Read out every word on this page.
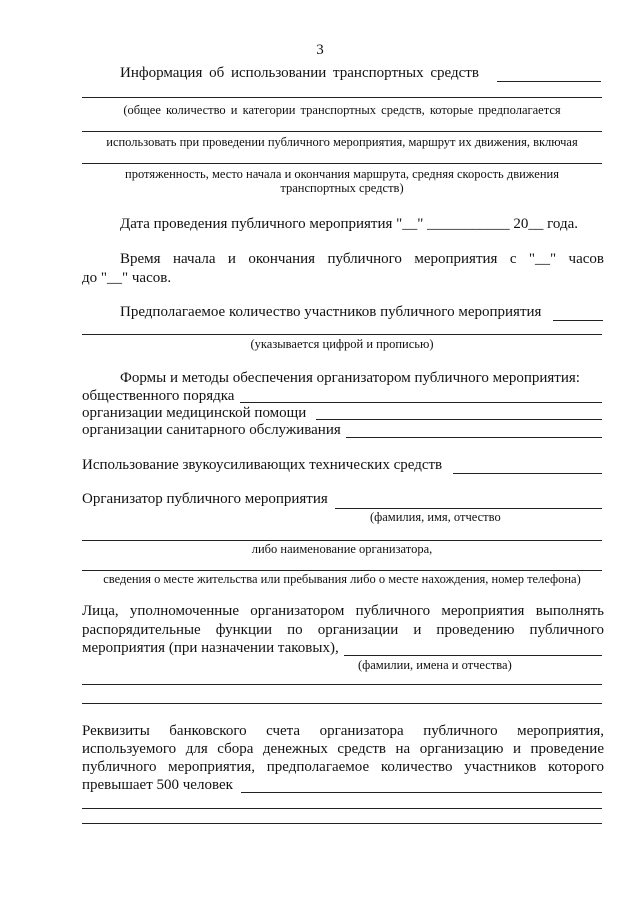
3
Информация об использовании транспортных средств
(общее количество и категории транспортных средств, которые предполагается
использовать при проведении публичного мероприятия, маршрут их движения, включая
протяженность, место начала и окончания маршрута, средняя скорость движения
транспортных средств)
Дата проведения публичного мероприятия "__" ___________ 20__ года.
Время начала и окончания публичного мероприятия с "__" часов
до "__" часов.
Предполагаемое количество участников публичного мероприятия
(указывается цифрой и прописью)
Формы и методы обеспечения организатором публичного мероприятия:
общественного порядка
организации медицинской помощи
организации санитарного обслуживания
Использование звукоусиливающих технических средств
Организатор публичного мероприятия
(фамилия, имя, отчество
либо наименование организатора,
сведения о месте жительства или пребывания либо о месте нахождения, номер телефона)
Лица, уполномоченные организатором публичного мероприятия выполнять
распорядительные функции по организации и проведению публичного
мероприятия (при назначении таковых),
(фамилии, имена и отчества)
Реквизиты банковского счета организатора публичного мероприятия,
используемого для сбора денежных средств на организацию и проведение
публичного мероприятия, предполагаемое количество участников которого
превышает 500 человек
